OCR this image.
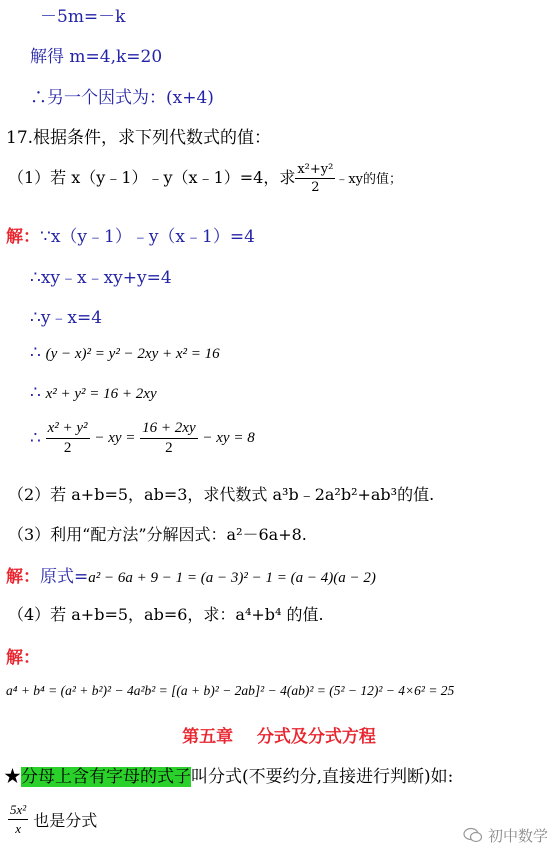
－5m=－k
解得 m=4,k=20
∴另一个因式为：(x+4)
17.根据条件，求下列代数式的值：
（1）若 x（y﹣1）﹣y（x﹣1）=4，求 $\frac{\text{x²+y²}}{2}$ ﹣xy的值；
解：∵x（y﹣1）﹣y（x﹣1）=4
∴xy﹣x﹣xy+y=4
∴y﹣x=4
∴ (y − x)² = y² − 2xy + x² = 16
∴ x² + y² = 16 + 2xy
∴ $\frac{\text{x² + y²}}{2}$ − xy = $\frac{16 + 2xy}{2}$ − xy = 8
（2）若 a+b=5，ab=3，求代数式 a³b﹣2a²b²+ab³的值.
（3）利用“配方法”分解因式：a²－6a+8.
解：原式=a² − 6a + 9 − 1 = (a − 3)² − 1 = (a − 4)(a − 2)
（4）若 a+b=5，ab=6，求：a⁴+b⁴ 的值.
解：
a⁴ + b⁴ = (a² + b²)² − 4a²b² = [(a + b)² − 2ab]² − 4(ab)² = (5² − 12)² − 4×6² = 25
第五章    分式及分式方程
★分母上含有字母的式子叫分式(不要约分,直接进行判断)如:
$\frac{\text{5x²}}{x}$ 也是分式
初中数学
